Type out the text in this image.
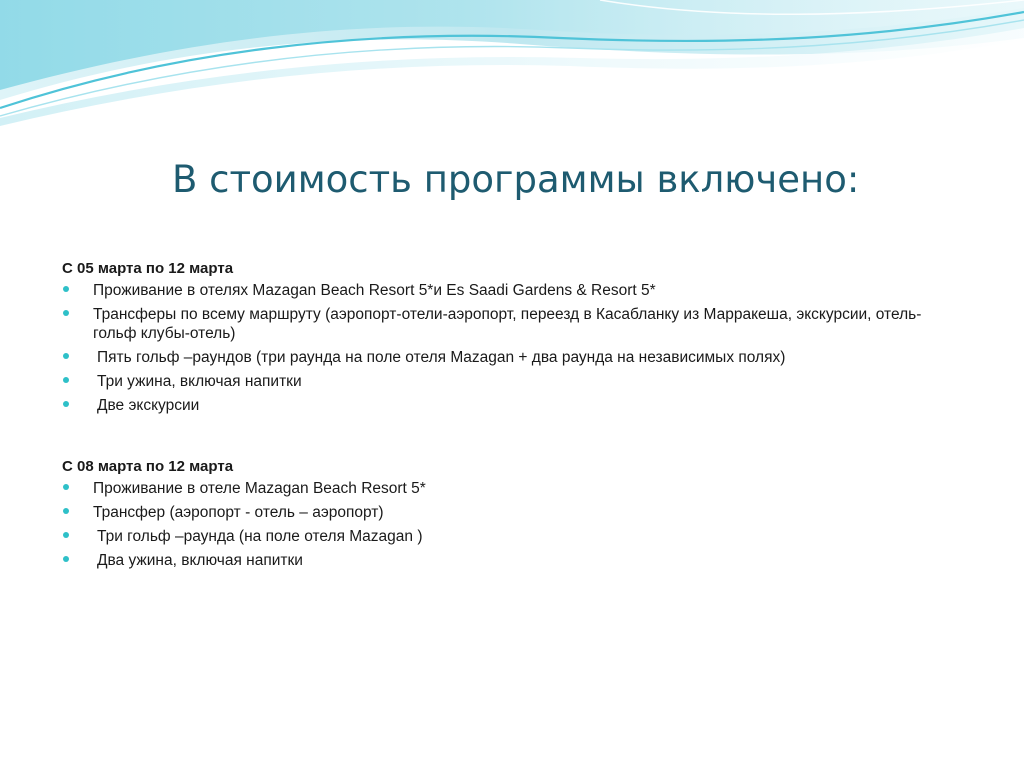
В стоимость программы включено:
С 05 марта по 12 марта
Проживание в отелях Mazagan Beach Resort 5*и Es Saadi Gardens & Resort 5*
Трансферы по всему маршруту (аэропорт-отели-аэропорт, переезд в Касабланку из Марракеша, экскурсии, отель-гольф клубы-отель)
Пять гольф –раундов (три раунда на поле отеля Mazagan + два раунда на независимых полях)
Три ужина, включая напитки
Две экскурсии
С 08 марта по 12 марта
Проживание в отеле Mazagan Beach Resort 5*
Трансфер (аэропорт - отель – аэропорт)
Три гольф –раунда (на поле отеля Mazagan )
Два ужина, включая напитки
